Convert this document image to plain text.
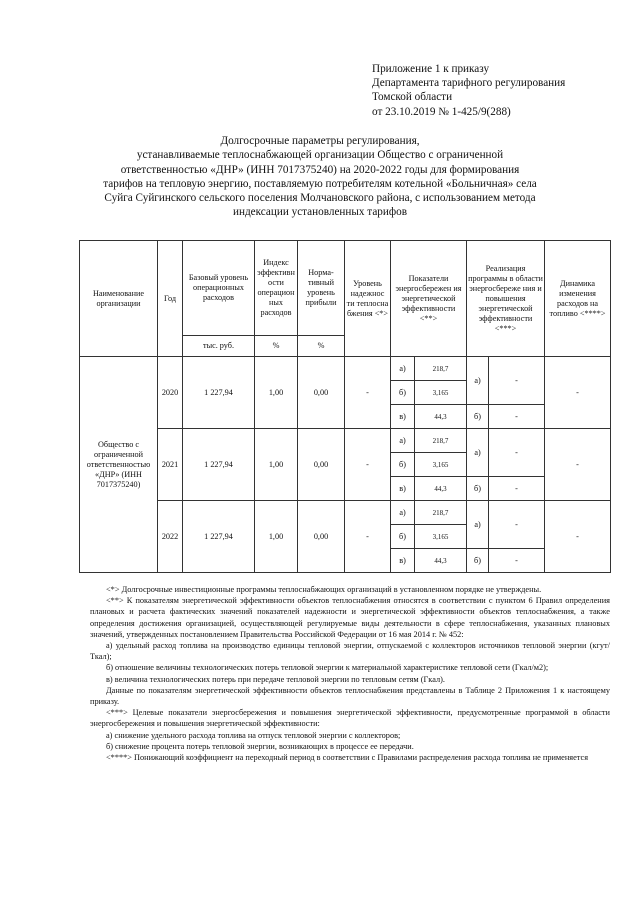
Приложение 1 к приказу
Департамента тарифного регулирования
Томской области
от 23.10.2019 № 1-425/9(288)
Долгосрочные параметры регулирования,
устанавливаемые теплоснабжающей организации Общество с ограниченной
ответственностью «ДНР» (ИНН 7017375240) на 2020-2022 годы для формирования
тарифов на тепловую энергию, поставляемую потребителям котельной «Больничная» села
Суйга Суйгинского сельского поселения Молчановского района, с использованием метода
индексации установленных тарифов
Наименование организации	Год	Базовый уровень операционных расходов	Индекс эффективн ости операцион ных расходов	Норма-тивный уровень прибыли	Уровень надежнос ти теплосна бжения <*>	Показатели энергосбережен ия энергетической эффективности <**>		Реализация программы в области энергосбереже ния и повышения энергетической эффективности <***>		Динамика изменения расходов на топливо <****>
		тыс. руб.	%	%						
Общество с ограниченной ответственностью «ДНР» (ИНН 7017375240)	2020	1 227,94	1,00	0,00	-	а)	218,7	а)	-	-
						б)	3,165			
						в)	44,3	б)	-	
	2021	1 227,94	1,00	0,00	-	а)	218,7	а)	-	-
						б)	3,165			
						в)	44,3	б)	-	
	2022	1 227,94	1,00	0,00	-	а)	218,7	а)	-	-
						б)	3,165			
						в)	44,3	б)	-	

<*> Долгосрочные инвестиционные программы теплоснабжающих организаций в установленном порядке не утверждены.

<**> К показателям энергетической эффективности объектов теплоснабжения относятся в соответствии с пунктом 6 Правил определения плановых и расчета фактических значений показателей надежности и энергетической эффективности объектов теплоснабжения, а также определения достижения организацией, осуществляющей регулируемые виды деятельности в сфере теплоснабжения, указанных плановых значений, утвержденных постановлением Правительства Российской Федерации от 16 мая 2014 г. № 452:

а) удельный расход топлива на производство единицы тепловой энергии, отпускаемой с коллекторов источников тепловой энергии (кгут/Ткал);

б) отношение величины технологических потерь тепловой энергии к материальной характеристике тепловой сети (Гкал/м2);

в) величина технологических потерь при передаче тепловой энергии по тепловым сетям (Гкал).

Данные по показателям энергетической эффективности объектов теплоснабжения представлены в Таблице 2 Приложения 1 к настоящему приказу.

<***> Целевые показатели энергосбережения и повышения энергетической эффективности, предусмотренные программой в области энергосбережения и повышения энергетической эффективности:

а) снижение удельного расхода топлива на отпуск тепловой энергии с коллекторов;

б) снижение процента потерь тепловой энергии, возникающих в процессе ее передачи.

<****> Понижающий коэффициент на переходный период в соответствии с Правилами распределения расхода топлива не применяется
